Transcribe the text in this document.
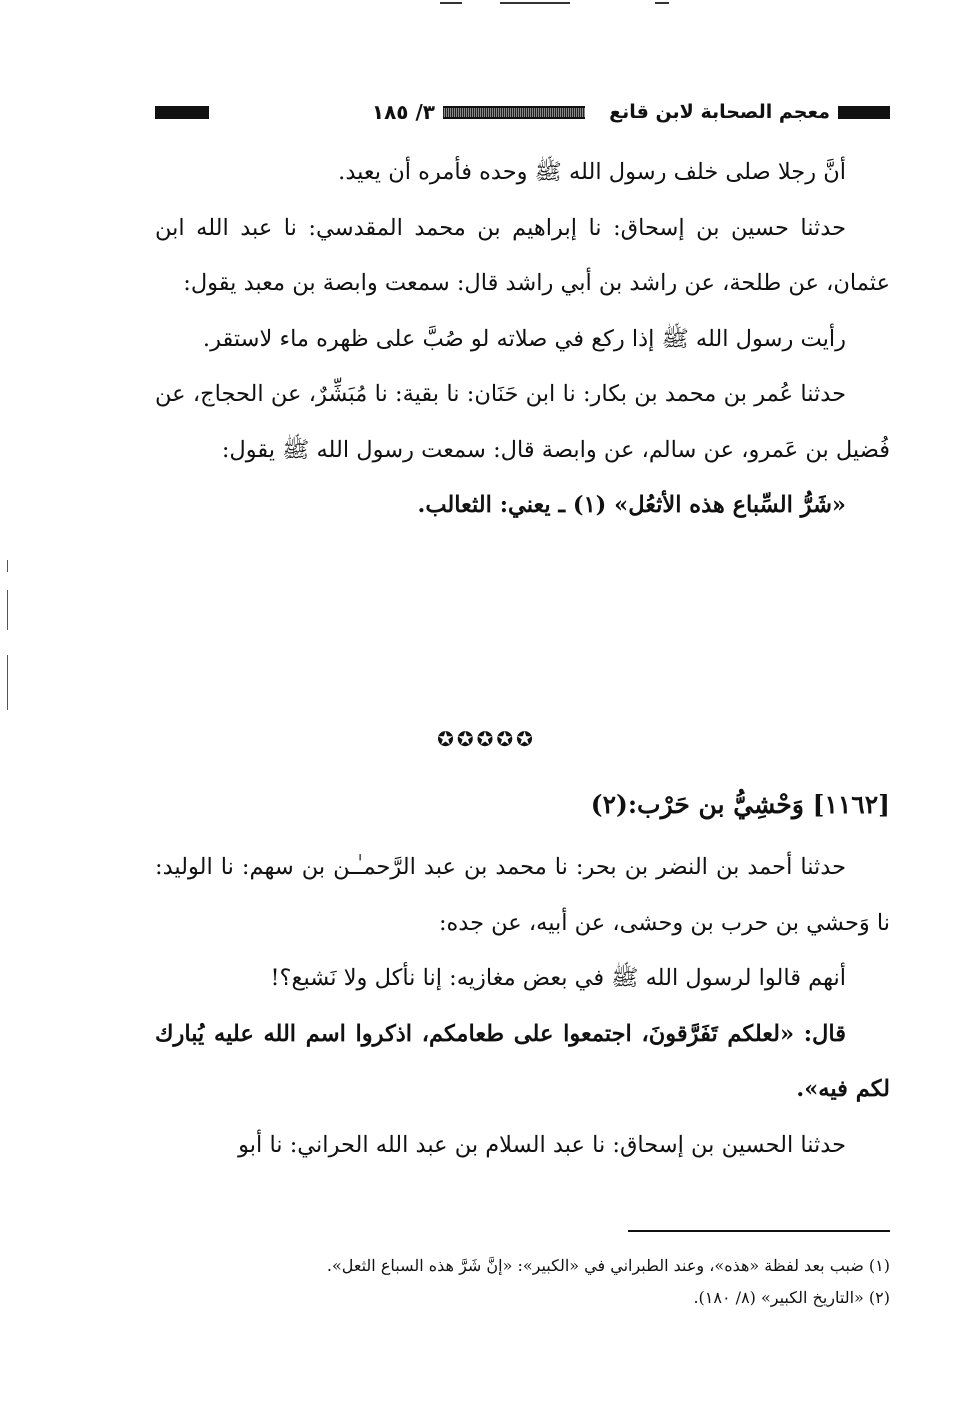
معجم الصحابة لابن قانع
٣/ ١٨٥

أنَّ رجلا صلى خلف رسول الله ﷺ وحده فأمره أن يعيد.

حدثنا حسين بن إسحاق: نا إبراهيم بن محمد المقدسي: نا عبد الله ابن عثمان، عن طلحة، عن راشد بن أبي راشد قال: سمعت وابصة بن معبد يقول:

رأيت رسول الله ﷺ إذا ركع في صلاته لو صُبَّ على ظهره ماء لاستقر.

حدثنا عُمر بن محمد بن بكار: نا ابن حَنَان: نا بقية: نا مُبَشِّرٌ، عن الحجاج، عن فُضيل بن عَمرو، عن سالم، عن وابصة قال: سمعت رسول الله ﷺ يقول:

«شَرُّ السِّباع هذه الأثعُل» (١) ـ يعني: الثعالب.

✪✪✪✪✪
[١١٦٢] وَحْشِيُّ بن حَرْب:(٢)

حدثنا أحمد بن النضر بن بحر: نا محمد بن عبد الرَّحمـٰـن بن سهم: نا الوليد: نا وَحشي بن حرب بن وحشى، عن أبيه، عن جده:

أنهم قالوا لرسول الله ﷺ في بعض مغازيه: إنا نأكل ولا نَشبع؟!

قال: «لعلكم تَفَرَّقونَ، اجتمعوا على طعامكم، اذكروا اسم الله عليه يُبارك لكم فيه».

حدثنا الحسين بن إسحاق: نا عبد السلام بن عبد الله الحراني: نا أبو

(١) ضبب بعد لفظة «هذه»، وعند الطبراني في «الكبير»: «إنَّ شَرَّ هذه السباع الثعل».

(٢) «التاريخ الكبير» (٨/ ١٨٠).
